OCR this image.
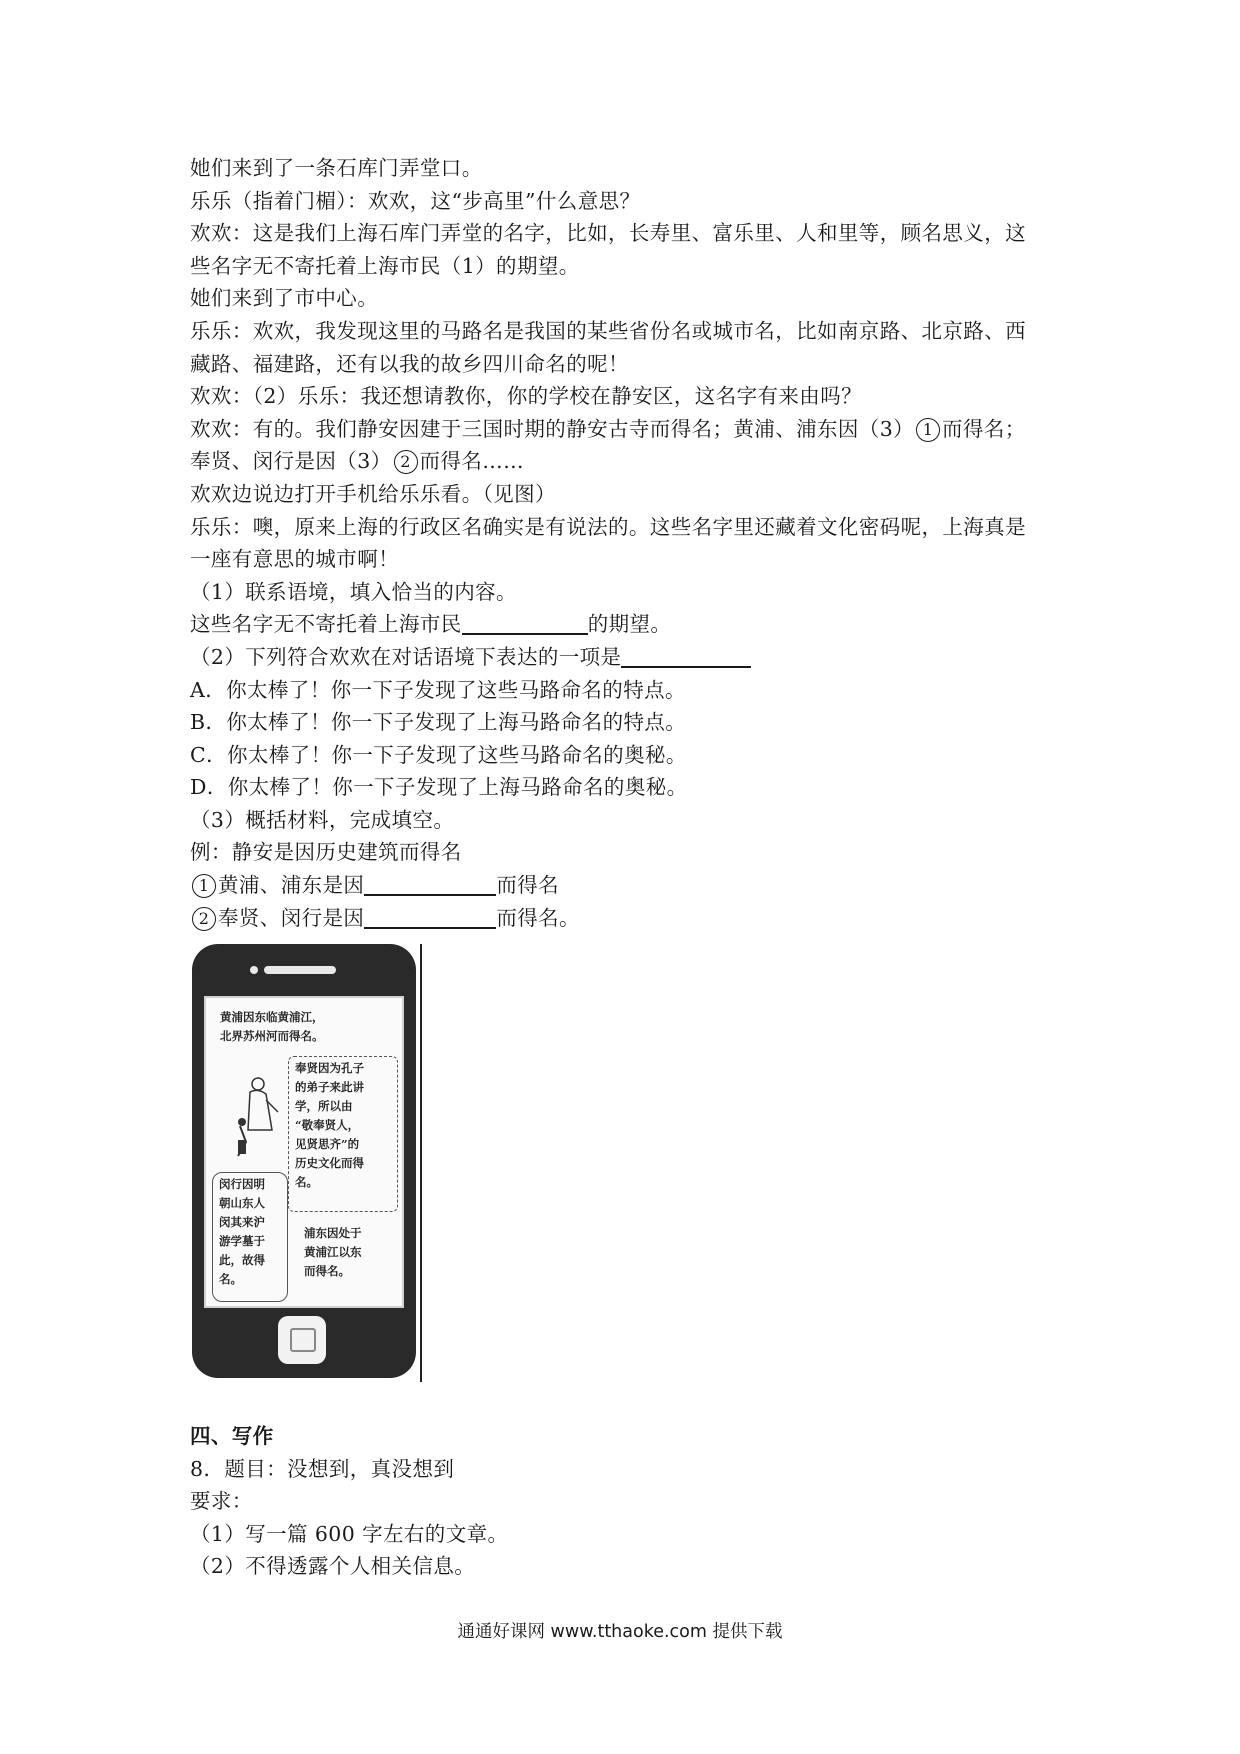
她们来到了一条石库门弄堂口。
乐乐（指着门楣）：欢欢，这“步高里”什么意思？
欢欢：这是我们上海石库门弄堂的名字，比如，长寿里、富乐里、人和里等，顾名思义，这
些名字无不寄托着上海市民（1）的期望。
她们来到了市中心。
乐乐：欢欢，我发现这里的马路名是我国的某些省份名或城市名，比如南京路、北京路、西
藏路、福建路，还有以我的故乡四川命名的呢！
欢欢：（2）乐乐：我还想请教你，你的学校在静安区，这名字有来由吗？
欢欢：有的。我们静安因建于三国时期的静安古寺而得名；黄浦、浦东因（3） 1 而得名；
奉贤、闵行是因（3） 2 而得名……
欢欢边说边打开手机给乐乐看。（见图）
乐乐：噢，原来上海的行政区名确实是有说法的。这些名字里还藏着文化密码呢，上海真是
一座有意思的城市啊！
（1）联系语境，填入恰当的内容。
这些名字无不寄托着上海市民	的期望。
（2）下列符合欢欢在对话语境下表达的一项是
A．你太棒了！你一下子发现了这些马路命名的特点。
B．你太棒了！你一下子发现了上海马路命名的特点。
C．你太棒了！你一下子发现了这些马路命名的奥秘。
D．你太棒了！你一下子发现了上海马路命名的奥秘。
（3）概括材料，完成填空。
例：静安是因历史建筑而得名
1 黄浦、浦东是因	而得名
2 奉贤、闵行是因	而得名。
黄浦因东临黄浦江，
北界苏州河而得名。
奉贤因为孔子
的弟子来此讲
学，所以由
“敬奉贤人，
见贤思齐”的
历史文化而得
名。
闵行因明
朝山东人
闵其来沪
游学墓于
此，故得
名。
浦东因处于
黄浦江以东
而得名。
四、写作
8．题目：没想到，真没想到
要求：
（1）写一篇 600 字左右的文章。
（2）不得透露个人相关信息。
通通好课网 www.tthaoke.com 提供下载
